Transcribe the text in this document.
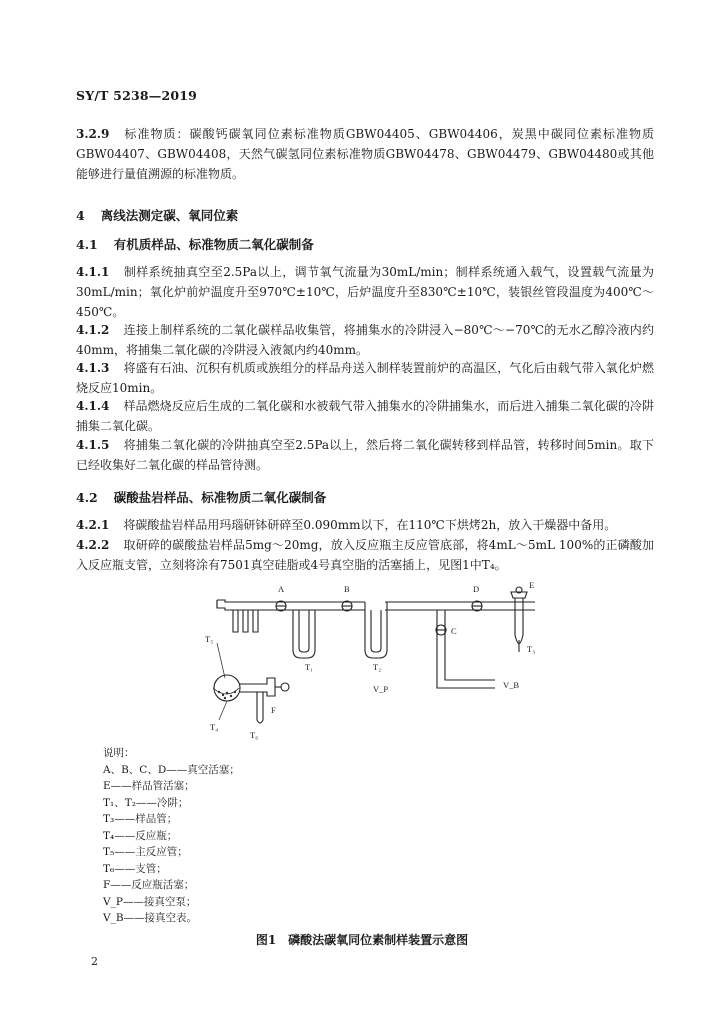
SY/T 5238—2019
3.2.9 标准物质：碳酸钙碳氧同位素标准物质GBW04405、GBW04406，炭黑中碳同位素标准物质GBW04407、GBW04408，天然气碳氢同位素标准物质GBW04478、GBW04479、GBW04480或其他能够进行量值溯源的标准物质。
4 离线法测定碳、氧同位素
4.1 有机质样品、标准物质二氧化碳制备
4.1.1 制样系统抽真空至2.5Pa以上，调节氧气流量为30mL/min；制样系统通入载气，设置载气流量为30mL/min；氧化炉前炉温度升至970℃±10℃，后炉温度升至830℃±10℃，装银丝管段温度为400℃～450℃。
4.1.2 连接上制样系统的二氧化碳样品收集管，将捕集水的冷阱浸入−80℃～−70℃的无水乙醇冷液内约40mm，将捕集二氧化碳的冷阱浸入液氮内约40mm。
4.1.3 将盛有石油、沉积有机质或族组分的样品舟送入制样装置前炉的高温区，气化后由载气带入氧化炉燃烧反应10min。
4.1.4 样品燃烧反应后生成的二氧化碳和水被载气带入捕集水的冷阱捕集水，而后进入捕集二氧化碳的冷阱捕集二氧化碳。
4.1.5 将捕集二氧化碳的冷阱抽真空至2.5Pa以上，然后将二氧化碳转移到样品管，转移时间5min。取下已经收集好二氧化碳的样品管待测。
4.2 碳酸盐岩样品、标准物质二氧化碳制备
4.2.1 将碳酸盐岩样品用玛瑙研钵研碎至0.090mm以下，在110℃下烘烤2h，放入干燥器中备用。
4.2.2 取研碎的碳酸盐岩样品5mg～20mg，放入反应瓶主反应管底部，将4mL～5mL 100%的正磷酸加入反应瓶支管，立刻将涂有7501真空硅脂或4号真空脂的活塞插上，见图1中T₄。
A	B	D	E
C
T₁	T₂
T₃
T₅
T₄
T₆
F
V_P	V_B
说明：
A、B、C、D——真空活塞；
E——样品管活塞；
T₁、T₂——冷阱；
T₃——样品管；
T₄——反应瓶；
T₅——主反应管；
T₆——支管；
F——反应瓶活塞；
V_P——接真空泵；
V_B——接真空表。
图1　磷酸法碳氧同位素制样装置示意图
2
